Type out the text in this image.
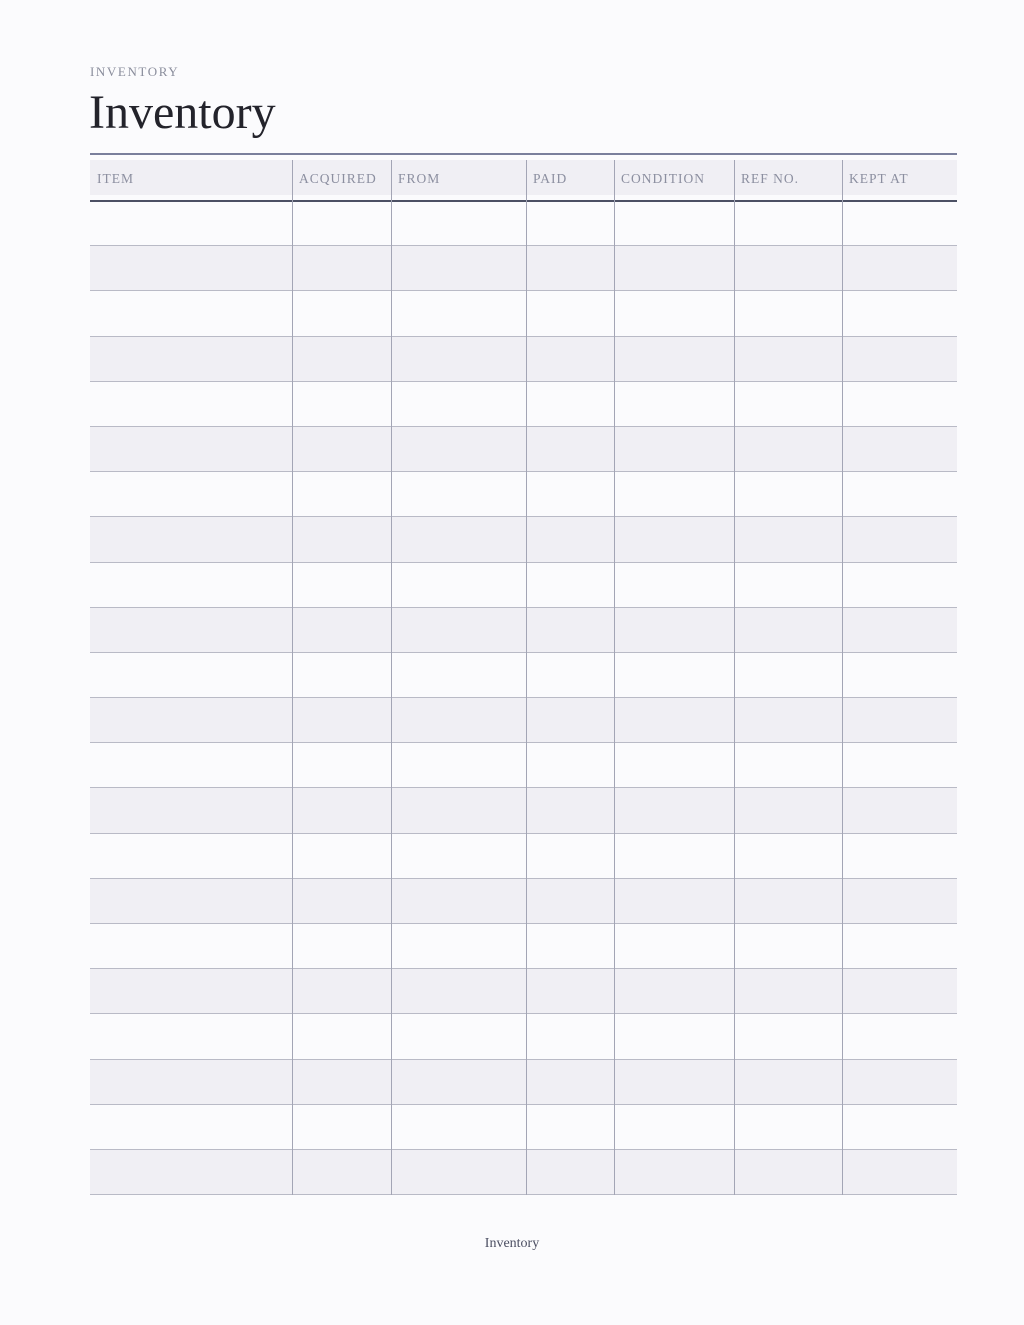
INVENTORY
Inventory
ITEM	ACQUIRED	FROM	PAID	CONDITION	REF NO.	KEPT AT
Inventory
